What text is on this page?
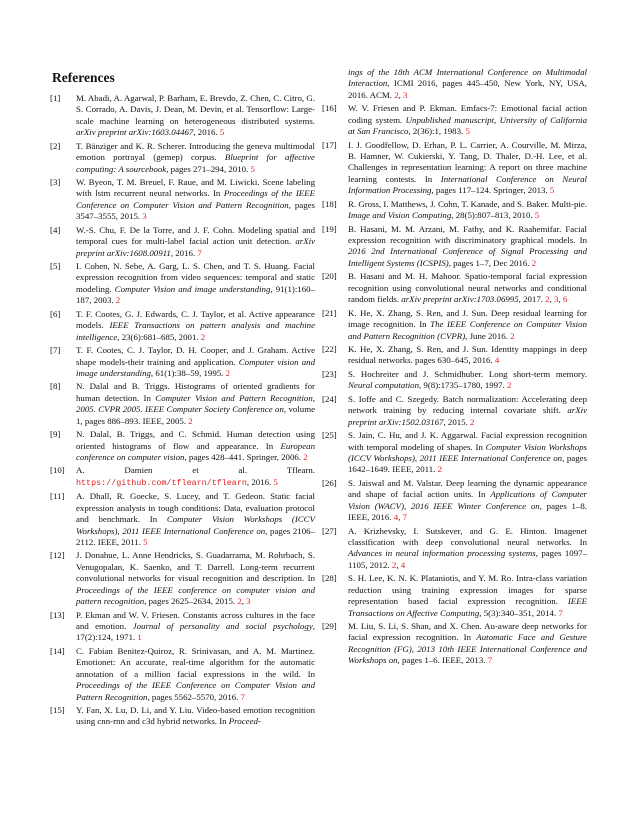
References
[1] M. Abadi, A. Agarwal, P. Barham, E. Brevdo, Z. Chen, C. Citro, G. S. Corrado, A. Davis, J. Dean, M. Devin, et al. Tensorflow: Large-scale machine learning on heterogeneous distributed systems. arXiv preprint arXiv:1603.04467, 2016. 5
[2] T. Bänziger and K. R. Scherer. Introducing the geneva multimodal emotion portrayal (gemep) corpus. Blueprint for affective computing: A sourcebook, pages 271–294, 2010. 5
[3] W. Byeon, T. M. Breuel, F. Raue, and M. Liwicki. Scene labeling with lstm recurrent neural networks. In Proceedings of the IEEE Conference on Computer Vision and Pattern Recognition, pages 3547–3555, 2015. 3
[4] W.-S. Chu, F. De la Torre, and J. F. Cohn. Modeling spatial and temporal cues for multi-label facial action unit detection. arXiv preprint arXiv:1608.00911, 2016. 7
[5] I. Cohen, N. Sebe, A. Garg, L. S. Chen, and T. S. Huang. Facial expression recognition from video sequences: temporal and static modeling. Computer Vision and image understanding, 91(1):160–187, 2003. 2
[6] T. F. Cootes, G. J. Edwards, C. J. Taylor, et al. Active appearance models. IEEE Transactions on pattern analysis and machine intelligence, 23(6):681–685, 2001. 2
[7] T. F. Cootes, C. J. Taylor, D. H. Cooper, and J. Graham. Active shape models-their training and application. Computer vision and image understanding, 61(1):38–59, 1995. 2
[8] N. Dalal and B. Triggs. Histograms of oriented gradients for human detection. In Computer Vision and Pattern Recognition, 2005. CVPR 2005. IEEE Computer Society Conference on, volume 1, pages 886–893. IEEE, 2005. 2
[9] N. Dalal, B. Triggs, and C. Schmid. Human detection using oriented histograms of flow and appearance. In European conference on computer vision, pages 428–441. Springer, 2006. 2
[10] A. Damien et al. Tflearn. https://github.com/tflearn/tflearn, 2016. 5
[11] A. Dhall, R. Goecke, S. Lucey, and T. Gedeon. Static facial expression analysis in tough conditions: Data, evaluation protocol and benchmark. In Computer Vision Workshops (ICCV Workshops), 2011 IEEE International Conference on, pages 2106–2112. IEEE, 2011. 5
[12] J. Donahue, L. Anne Hendricks, S. Guadarrama, M. Rohrbach, S. Venugopalan, K. Saenko, and T. Darrell. Long-term recurrent convolutional networks for visual recognition and description. In Proceedings of the IEEE conference on computer vision and pattern recognition, pages 2625–2634, 2015. 2, 3
[13] P. Ekman and W. V. Friesen. Constants across cultures in the face and emotion. Journal of personality and social psychology, 17(2):124, 1971. 1
[14] C. Fabian Benitez-Quiroz, R. Srinivasan, and A. M. Martinez. Emotionet: An accurate, real-time algorithm for the automatic annotation of a million facial expressions in the wild. In Proceedings of the IEEE Conference on Computer Vision and Pattern Recognition, pages 5562–5570, 2016. 7
[15] Y. Fan, X. Lu, D. Li, and Y. Liu. Video-based emotion recognition using cnn-rnn and c3d hybrid networks. In Proceed-
ings of the 18th ACM International Conference on Multimodal Interaction, ICMI 2016, pages 445–450, New York, NY, USA, 2016. ACM. 2, 3
[16] W. V. Friesen and P. Ekman. Emfacs-7: Emotional facial action coding system. Unpublished manuscript, University of California at San Francisco, 2(36):1, 1983. 5
[17] I. J. Goodfellow, D. Erhan, P. L. Carrier, A. Courville, M. Mirza, B. Hamner, W. Cukierski, Y. Tang, D. Thaler, D.-H. Lee, et al. Challenges in representation learning: A report on three machine learning contests. In International Conference on Neural Information Processing, pages 117–124. Springer, 2013. 5
[18] R. Gross, I. Matthews, J. Cohn, T. Kanade, and S. Baker. Multi-pie. Image and Vision Computing, 28(5):807–813, 2010. 5
[19] B. Hasani, M. M. Arzani, M. Fathy, and K. Raahemifar. Facial expression recognition with discriminatory graphical models. In 2016 2nd International Conference of Signal Processing and Intelligent Systems (ICSPIS), pages 1–7, Dec 2016. 2
[20] B. Hasani and M. H. Mahoor. Spatio-temporal facial expression recognition using convolutional neural networks and conditional random fields. arXiv preprint arXiv:1703.06995, 2017. 2, 3, 6
[21] K. He, X. Zhang, S. Ren, and J. Sun. Deep residual learning for image recognition. In The IEEE Conference on Computer Vision and Pattern Recognition (CVPR), June 2016. 2
[22] K. He, X. Zhang, S. Ren, and J. Sun. Identity mappings in deep residual networks. pages 630–645, 2016. 4
[23] S. Hochreiter and J. Schmidhuber. Long short-term memory. Neural computation, 9(8):1735–1780, 1997. 2
[24] S. Ioffe and C. Szegedy. Batch normalization: Accelerating deep network training by reducing internal covariate shift. arXiv preprint arXiv:1502.03167, 2015. 2
[25] S. Jain, C. Hu, and J. K. Aggarwal. Facial expression recognition with temporal modeling of shapes. In Computer Vision Workshops (ICCV Workshops), 2011 IEEE International Conference on, pages 1642–1649. IEEE, 2011. 2
[26] S. Jaiswal and M. Valstar. Deep learning the dynamic appearance and shape of facial action units. In Applications of Computer Vision (WACV), 2016 IEEE Winter Conference on, pages 1–8. IEEE, 2016. 4, 7
[27] A. Krizhevsky, I. Sutskever, and G. E. Hinton. Imagenet classification with deep convolutional neural networks. In Advances in neural information processing systems, pages 1097–1105, 2012. 2, 4
[28] S. H. Lee, K. N. K. Plataniotis, and Y. M. Ro. Intra-class variation reduction using training expression images for sparse representation based facial expression recognition. IEEE Transactions on Affective Computing, 5(3):340–351, 2014. 7
[29] M. Liu, S. Li, S. Shan, and X. Chen. Au-aware deep networks for facial expression recognition. In Automatic Face and Gesture Recognition (FG), 2013 10th IEEE International Conference and Workshops on, pages 1–6. IEEE, 2013. 7
